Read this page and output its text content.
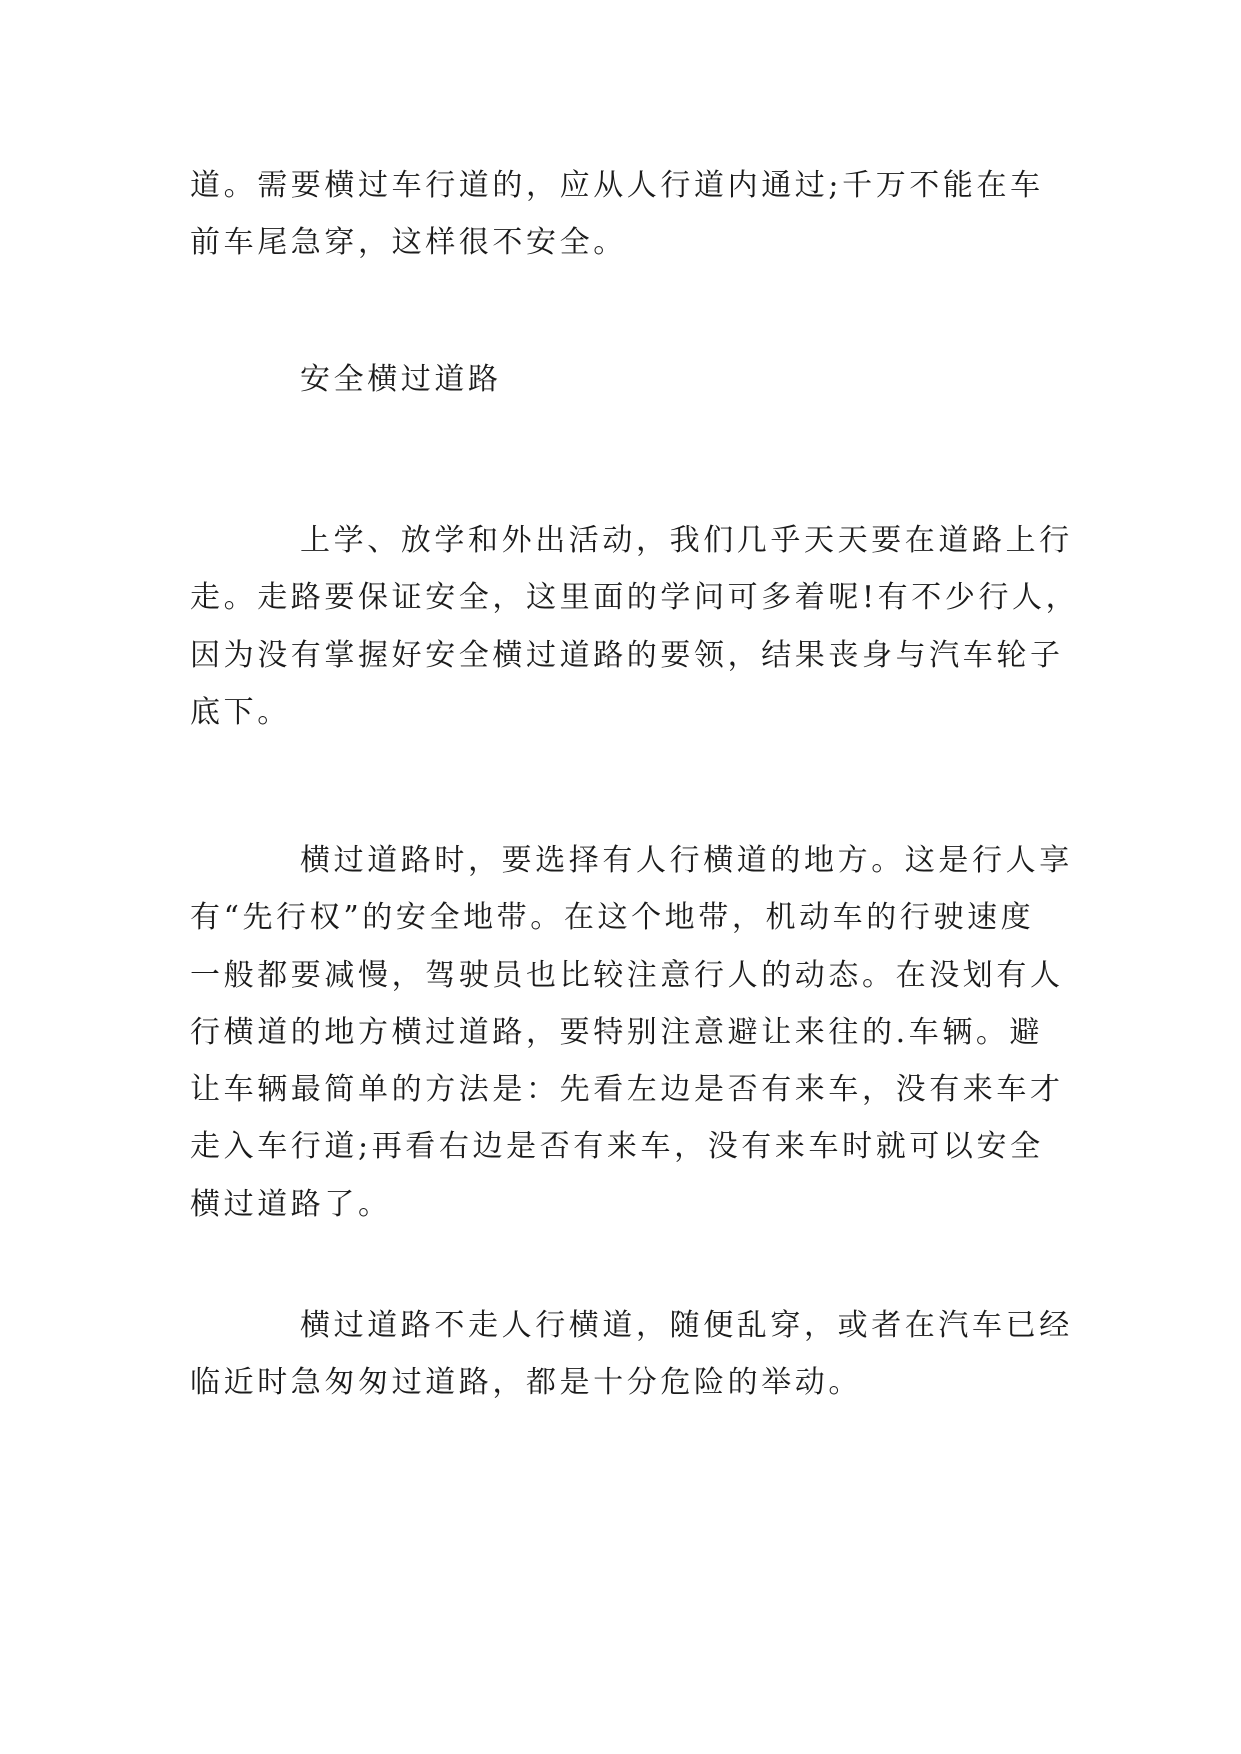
道。需要横过车行道的，应从人行道内通过;千万不能在车
前车尾急穿，这样很不安全。

安全横过道路

上学、放学和外出活动，我们几乎天天要在道路上行
走。走路要保证安全，这里面的学问可多着呢!有不少行人，
因为没有掌握好安全横过道路的要领，结果丧身与汽车轮子
底下。

横过道路时，要选择有人行横道的地方。这是行人享
有“先行权”的安全地带。在这个地带，机动车的行驶速度
一般都要减慢，驾驶员也比较注意行人的动态。在没划有人
行横道的地方横过道路，要特别注意避让来往的.车辆。避
让车辆最简单的方法是：先看左边是否有来车，没有来车才
走入车行道;再看右边是否有来车，没有来车时就可以安全
横过道路了。

横过道路不走人行横道，随便乱穿，或者在汽车已经
临近时急匆匆过道路，都是十分危险的举动。
